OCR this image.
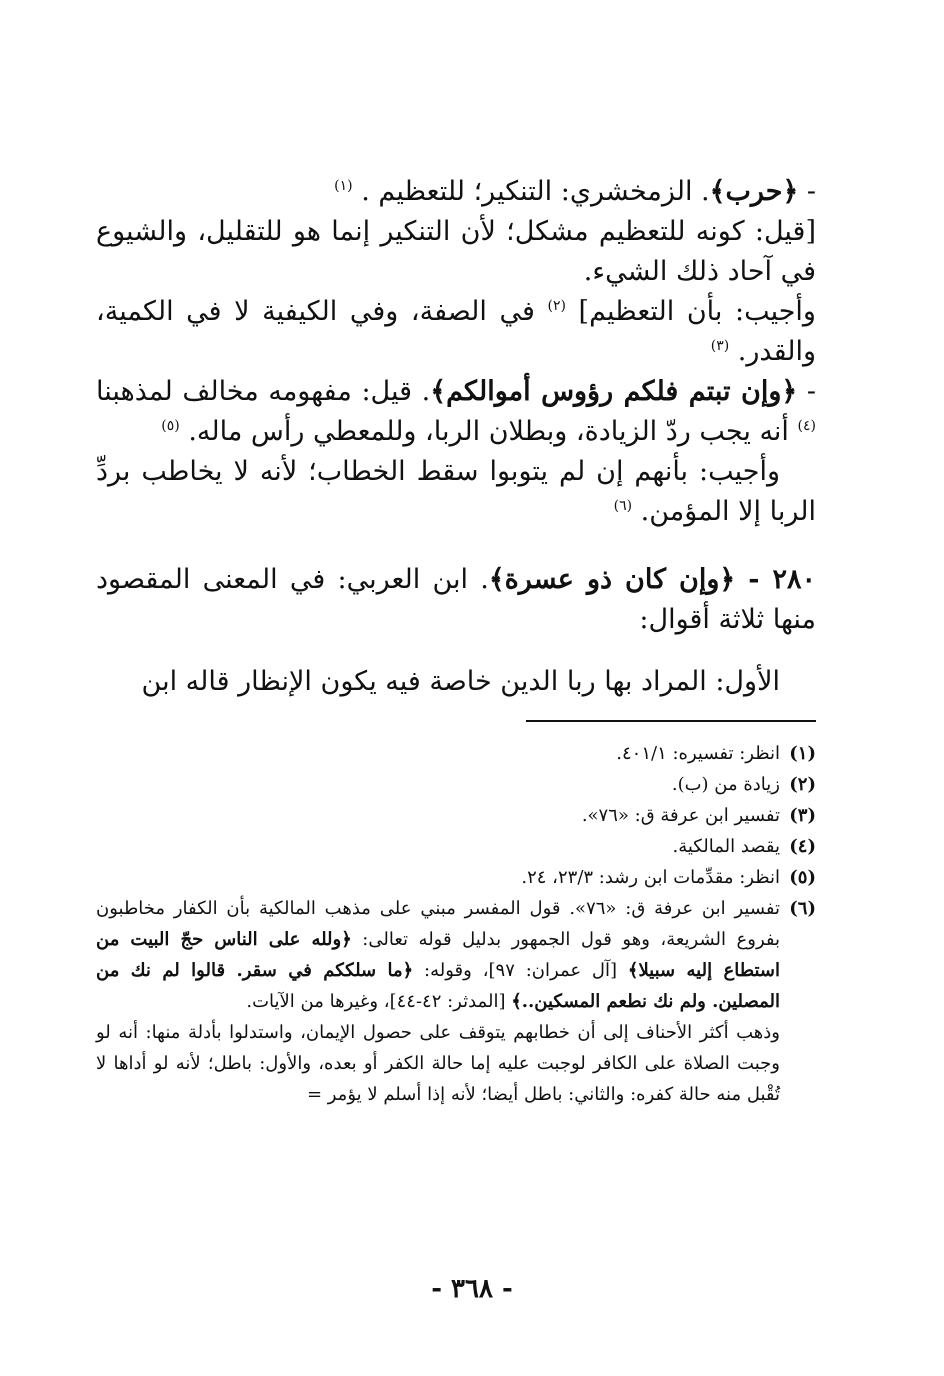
- ﴿حرب﴾. الزمخشري: التنكير؛ للتعظيم . $^{(١)}$

[قيل: كونه للتعظيم مشكل؛ لأن التنكير إنما هو للتقليل، والشيوع في آحاد ذلك الشيء.

وأجيب: بأن التعظيم] $^{(٢)}$ في الصفة، وفي الكيفية لا في الكمية، والقدر. $^{(٣)}$

- ﴿وإن تبتم فلكم رؤوس أموالكم﴾. قيل: مفهومه مخالف لمذهبنا $^{(٤)}$ أنه يجب ردّ الزيادة، وبطلان الربا، وللمعطي رأس ماله. $^{(٥)}$

وأجيب: بأنهم إن لم يتوبوا سقط الخطاب؛ لأنه لا يخاطب بردِّ الربا إلا المؤمن. $^{(٦)}$

٢٨٠ - ﴿وإن كان ذو عسرة﴾. ابن العربي: في المعنى المقصود منها ثلاثة أقوال:

الأول: المراد بها ربا الدين خاصة فيه يكون الإنظار قاله ابن

(١)
انظر: تفسيره: ٤٠١/١.
(٢)
زيادة من (ب).
(٣)
تفسير ابن عرفة ق: «٧٦».
(٤)
يقصد المالكية.
(٥)
انظر: مقدِّمات ابن رشد: ٢٣/٣، ٢٤.
(٦)
تفسير ابن عرفة ق: «٧٦». قول المفسر مبني على مذهب المالكية بأن الكفار مخاطبون بفروع الشريعة، وهو قول الجمهور بدليل قوله تعالى: ﴿ولله على الناس حجّ البيت من استطاع إليه سبيلا﴾ [آل عمران: ٩٧]، وقوله: ﴿ما سلككم في سقر. قالوا لم نك من المصلين. ولم نك نطعم المسكين..﴾ [المدثر: ٤٢-٤٤]، وغيرها من الآيات.
وذهب أكثر الأحناف إلى أن خطابهم يتوقف على حصول الإيمان، واستدلوا بأدلة منها: أنه لو وجبت الصلاة على الكافر لوجبت عليه إما حالة الكفر أو بعده، والأول: باطل؛ لأنه لو أداها لا تُقْبل منه حالة كفره: والثاني: باطل أيضا؛ لأنه إذا أسلم لا يؤمر =
- ٣٦٨ -
